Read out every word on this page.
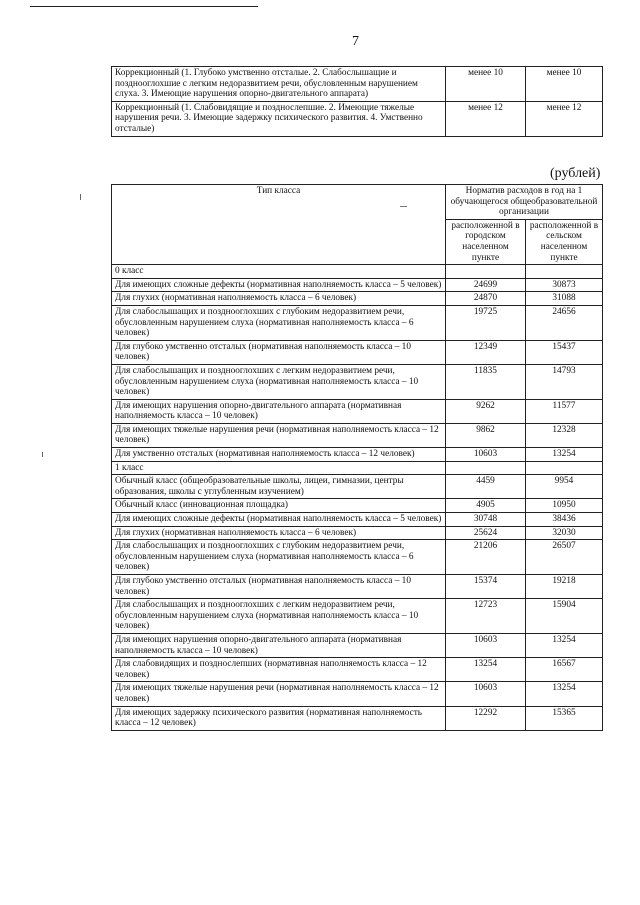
7
Коррекционный (1. Глубоко умственно отсталые. 2. Слабослышащие и позднооглохшие с легким недоразвитием речи, обусловленным нарушением слуха. 3. Имеющие нарушения опорно-двигательного аппарата)	менее 10	менее 10
Коррекционный (1. Слабовидящие и позднослепшие. 2. Имеющие тяжелые нарушения речи. 3. Имеющие задержку психического развития. 4. Умственно отсталые)	менее 12	менее 12
(рублей)
Тип класса	Норматив расходов в год на 1 обучающегося общеобразовательной организации	
	расположенной в городском населенном пункте	расположенной в сельском населенном пункте
0 класс		
Для имеющих сложные дефекты (нормативная наполняемость класса – 5 человек)	24699	30873
Для глухих (нормативная наполняемость класса – 6 человек)	24870	31088
Для слабослышащих и позднооглохших с глубоким недоразвитием речи, обусловленным нарушением слуха (нормативная наполняемость класса – 6 человек)	19725	24656
Для глубоко умственно отсталых (нормативная наполняемость класса – 10 человек)	12349	15437
Для слабослышащих и позднооглохших с легким недоразвитием речи, обусловленным нарушением слуха (нормативная наполняемость класса – 10 человек)	11835	14793
Для имеющих нарушения опорно-двигательного аппарата (нормативная наполняемость класса – 10 человек)	9262	11577
Для имеющих тяжелые нарушения речи (нормативная наполняемость класса – 12 человек)	9862	12328
Для умственно отсталых (нормативная наполняемость класса – 12 человек)	10603	13254
1 класс		
Обычный класс (общеобразовательные школы, лицеи, гимназии, центры образования, школы с углубленным изучением)	4459	9954
Обычный класс (инновационная площадка)	4905	10950
Для имеющих сложные дефекты (нормативная наполняемость класса – 5 человек)	30748	38436
Для глухих (нормативная наполняемость класса – 6 человек)	25624	32030
Для слабослышащих и позднооглохших с глубоким недоразвитием речи, обусловленным нарушением слуха (нормативная наполняемость класса – 6 человек)	21206	26507
Для глубоко умственно отсталых (нормативная наполняемость класса – 10 человек)	15374	19218
Для слабослышащих и позднооглохших с легким недоразвитием речи, обусловленным нарушением слуха (нормативная наполняемость класса – 10 человек)	12723	15904
Для имеющих нарушения опорно-двигательного аппарата (нормативная наполняемость класса – 10 человек)	10603	13254
Для слабовидящих и позднослепших (нормативная наполняемость класса – 12 человек)	13254	16567
Для имеющих тяжелые нарушения речи (нормативная наполняемость класса – 12 человек)	10603	13254
Для имеющих задержку психического развития (нормативная наполняемость класса – 12 человек)	12292	15365
